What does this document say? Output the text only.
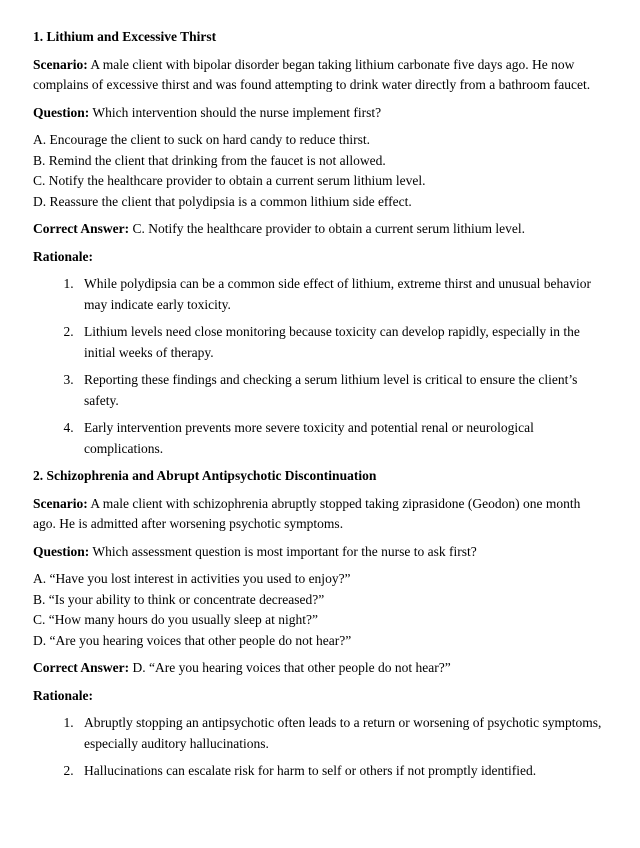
1. Lithium and Excessive Thirst

Scenario: A male client with bipolar disorder began taking lithium carbonate five days ago. He now complains of excessive thirst and was found attempting to drink water directly from a bathroom faucet.

Question: Which intervention should the nurse implement first?

A. Encourage the client to suck on hard candy to reduce thirst.
B. Remind the client that drinking from the faucet is not allowed.
C. Notify the healthcare provider to obtain a current serum lithium level.
D. Reassure the client that polydipsia is a common lithium side effect.

Correct Answer: C. Notify the healthcare provider to obtain a current serum lithium level.

Rationale:

1. While polydipsia can be a common side effect of lithium, extreme thirst and unusual behavior may indicate early toxicity.
2. Lithium levels need close monitoring because toxicity can develop rapidly, especially in the initial weeks of therapy.
3. Reporting these findings and checking a serum lithium level is critical to ensure the client’s safety.
4. Early intervention prevents more severe toxicity and potential renal or neurological complications.
2. Schizophrenia and Abrupt Antipsychotic Discontinuation

Scenario: A male client with schizophrenia abruptly stopped taking ziprasidone (Geodon) one month ago. He is admitted after worsening psychotic symptoms.

Question: Which assessment question is most important for the nurse to ask first?

A. “Have you lost interest in activities you used to enjoy?”
B. “Is your ability to think or concentrate decreased?”
C. “How many hours do you usually sleep at night?”
D. “Are you hearing voices that other people do not hear?”

Correct Answer: D. “Are you hearing voices that other people do not hear?”

Rationale:

1. Abruptly stopping an antipsychotic often leads to a return or worsening of psychotic symptoms, especially auditory hallucinations.
2. Hallucinations can escalate risk for harm to self or others if not promptly identified.
